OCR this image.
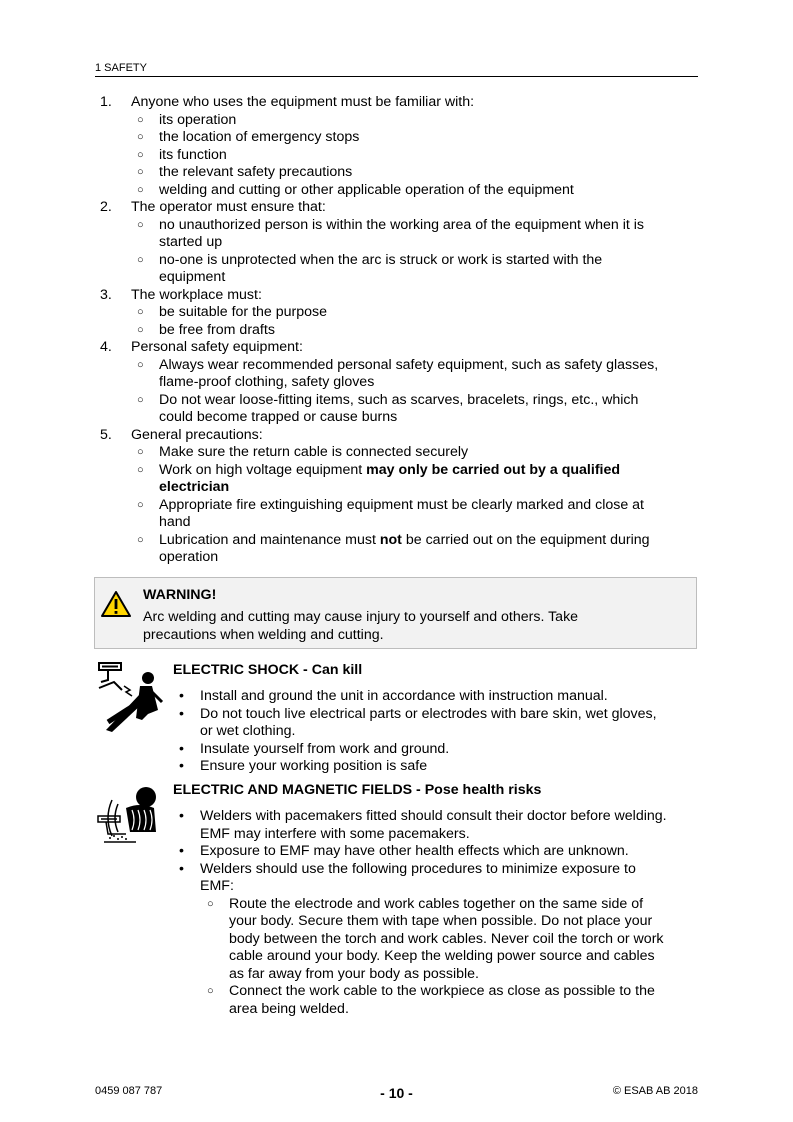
1 SAFETY
1. Anyone who uses the equipment must be familiar with:
○ its operation
○ the location of emergency stops
○ its function
○ the relevant safety precautions
○ welding and cutting or other applicable operation of the equipment
2. The operator must ensure that:
○ no unauthorized person is within the working area of the equipment when it is
started up
○ no-one is unprotected when the arc is struck or work is started with the
equipment
3. The workplace must:
○ be suitable for the purpose
○ be free from drafts
4. Personal safety equipment:
○ Always wear recommended personal safety equipment, such as safety glasses,
flame-proof clothing, safety gloves
○ Do not wear loose-fitting items, such as scarves, bracelets, rings, etc., which
could become trapped or cause burns
5. General precautions:
○ Make sure the return cable is connected securely
○ Work on high voltage equipment may only be carried out by a qualified
electrician
○ Appropriate fire extinguishing equipment must be clearly marked and close at
hand
○ Lubrication and maintenance must not be carried out on the equipment during
operation
WARNING!
Arc welding and cutting may cause injury to yourself and others. Take
precautions when welding and cutting.
ELECTRIC SHOCK - Can kill
• Install and ground the unit in accordance with instruction manual.
• Do not touch live electrical parts or electrodes with bare skin, wet gloves,
or wet clothing.
• Insulate yourself from work and ground.
• Ensure your working position is safe
ELECTRIC AND MAGNETIC FIELDS - Pose health risks
• Welders with pacemakers fitted should consult their doctor before welding.
EMF may interfere with some pacemakers.
• Exposure to EMF may have other health effects which are unknown.
• Welders should use the following procedures to minimize exposure to
EMF:
○ Route the electrode and work cables together on the same side of
your body. Secure them with tape when possible. Do not place your
body between the torch and work cables. Never coil the torch or work
cable around your body. Keep the welding power source and cables
as far away from your body as possible.
○ Connect the work cable to the workpiece as close as possible to the
area being welded.
0459 087 787	- 10 -	© ESAB AB 2018
